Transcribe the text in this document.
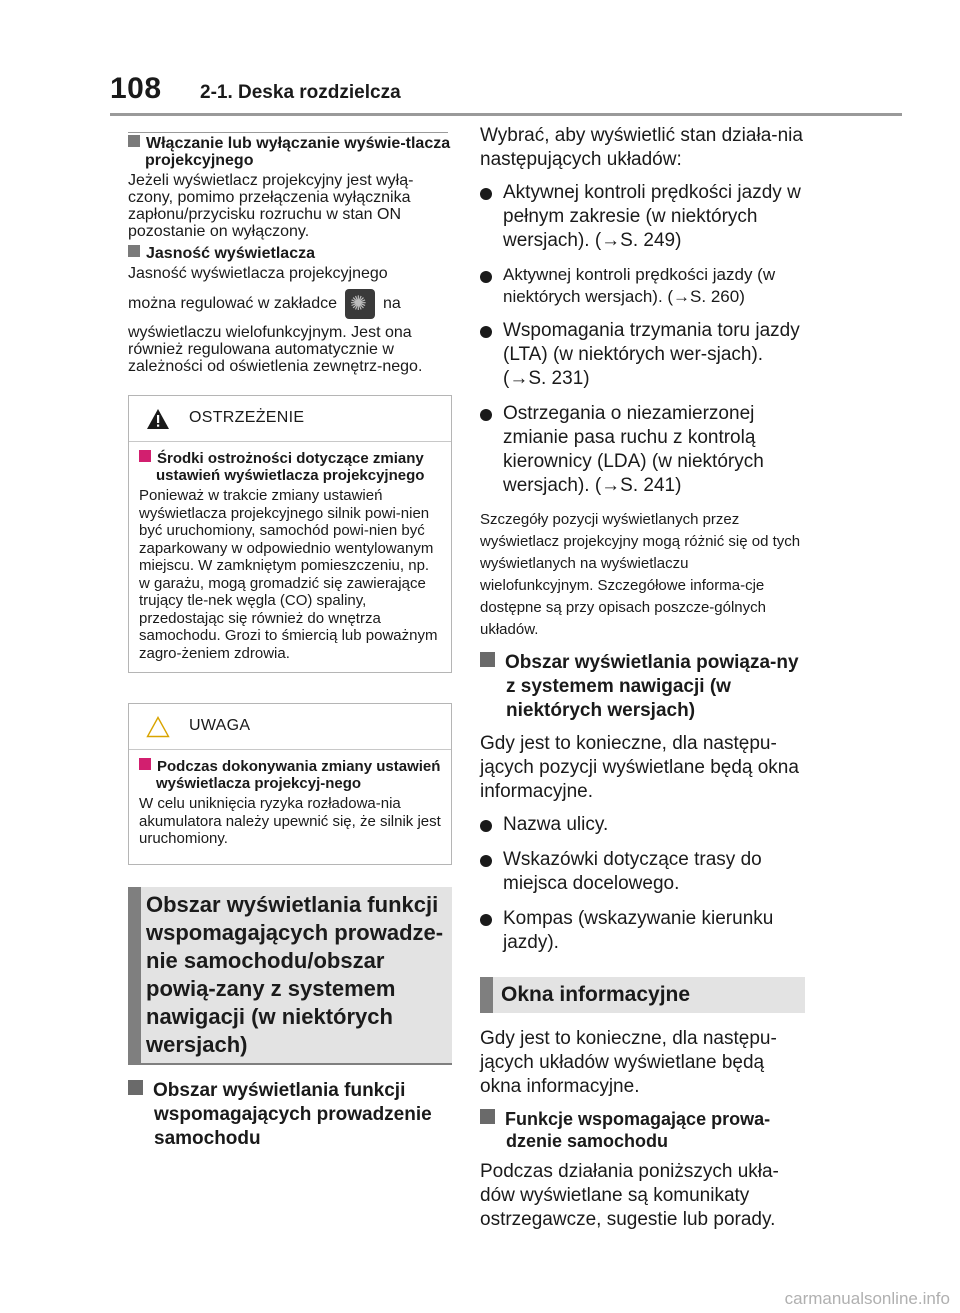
108 2-1. Deska rozdzielcza

Włączanie lub wyłączanie wyświe-tlacza projekcyjnego

Jeżeli wyświetlacz projekcyjny jest wyłą-czony, pomimo przełączenia wyłącznika zapłonu/przycisku rozruchu w stan ON pozostanie on wyłączony.

Jasność wyświetlacza

Jasność wyświetlacza projekcyjnego

można regulować w zakładce ✺ na

wyświetlaczu wielofunkcyjnym. Jest ona również regulowana automatycznie w zależności od oświetlenia zewnętrz-nego.

OSTRZEŻENIE

Środki ostrożności dotyczące zmiany ustawień wyświetlacza projekcyjnego

Ponieważ w trakcie zmiany ustawień wyświetlacza projekcyjnego silnik powi-nien być uruchomiony, samochód powi-nien być zaparkowany w odpowiednio wentylowanym miejscu. W zamkniętym pomieszczeniu, np. w garażu, mogą gromadzić się zawierające trujący tle-nek węgla (CO) spaliny, przedostając się również do wnętrza samochodu. Grozi to śmiercią lub poważnym zagro-żeniem zdrowia.

UWAGA

Podczas dokonywania zmiany ustawień wyświetlacza projekcyj-nego

W celu uniknięcia ryzyka rozładowa-nia akumulatora należy upewnić się, że silnik jest uruchomiony.

Obszar wyświetlania funkcji wspomagających prowadze-nie samochodu/obszar powią-zany z systemem nawigacji (w niektórych wersjach)

Obszar wyświetlania funkcji wspomagających prowadzenie samochodu

Wybrać, aby wyświetlić stan działa-nia następujących układów:

Aktywnej kontroli prędkości jazdy w pełnym zakresie (w niektórych wersjach). (→S. 249)
Aktywnej kontroli prędkości jazdy (w niektórych wersjach). (→S. 260)
Wspomagania trzymania toru jazdy (LTA) (w niektórych wer-sjach). (→S. 231)
Ostrzegania o niezamierzonej zmianie pasa ruchu z kontrolą kierownicy (LDA) (w niektórych wersjach). (→S. 241)

Szczegóły pozycji wyświetlanych przez wyświetlacz projekcyjny mogą różnić się od tych wyświetlanych na wyświetlaczu wielofunkcyjnym. Szczegółowe informa-cje dostępne są przy opisach poszcze-gólnych układów.

Obszar wyświetlania powiąza-ny z systemem nawigacji (w niektórych wersjach)

Gdy jest to konieczne, dla następu-jących pozycji wyświetlane będą okna informacyjne.

Nazwa ulicy.
Wskazówki dotyczące trasy do miejsca docelowego.
Kompas (wskazywanie kierunku jazdy).
Okna informacyjne

Gdy jest to konieczne, dla następu-jących układów wyświetlane będą okna informacyjne.

Funkcje wspomagające prowa-dzenie samochodu

Podczas działania poniższych ukła-dów wyświetlane są komunikaty ostrzegawcze, sugestie lub porady.

carmanualsonline.info
